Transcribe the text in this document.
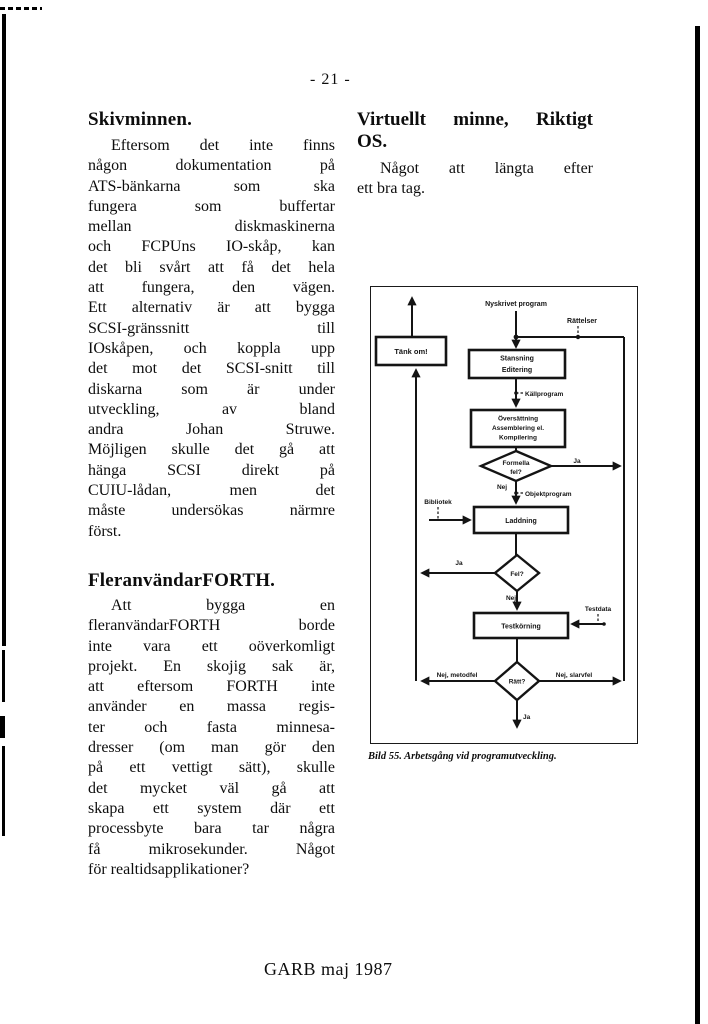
- 21 -
Skivminnen.
Eftersom det inte finns
någon dokumentation på
ATS-bänkarna som ska
fungera som buffertar
mellan diskmaskinerna
och FCPUns IO-skåp, kan
det bli svårt att få det hela
att fungera, den vägen.
Ett alternativ är att bygga
SCSI-gränssnitt till
IOskåpen, och koppla upp
det mot det SCSI-snitt till
diskarna som är under
utveckling, av bland
andra Johan Struwe.
Möjligen skulle det gå att
hänga SCSI direkt på
CUIU-lådan, men det
måste undersökas närmre
först.
FleranvändarFORTH.
Att bygga en
fleranvändarFORTH borde
inte vara ett oöverkomligt
projekt. En skojig sak är,
att eftersom FORTH inte
använder en massa regis-
ter och fasta minnesa-
dresser (om man gör den
på ett vettigt sätt), skulle
det mycket väl gå att
skapa ett system där ett
processbyte bara tar några
få mikrosekunder. Något
för realtidsapplikationer?
Virtuellt minne, Riktigt
OS.
Något att längta efter
ett bra tag.
Tänk om!
Stansning
Editering
Översättning
Assemblering el.
Kompilering
Formella
fel?
Laddning
Fel?
Testkörning
Rätt?
Nyskrivet program
Rättelser
Källprogram
Ja
Nej
Objektprogram
Bibliotek
Ja
Nej
Testdata
Nej, metodfel	Nej, slarvfel
Ja
Bild 55. Arbetsgång vid programutveckling.
GARB maj 1987
